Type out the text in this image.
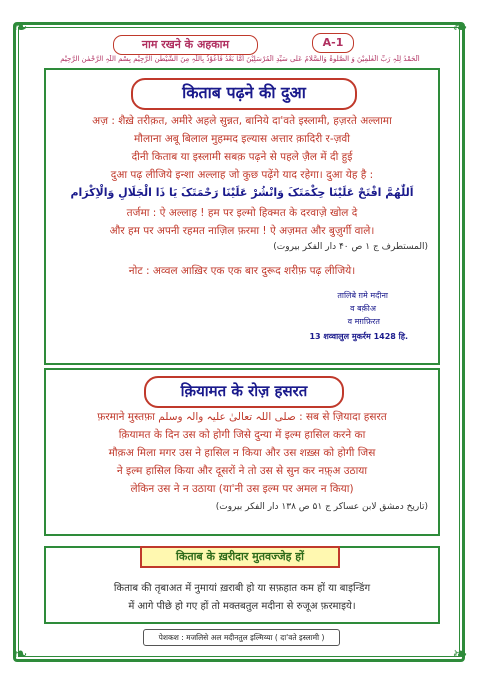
❧	❧
❧	❧
नाम रखने के अहकाम	A-1
اَلْحَمْدُ لِلّٰہِ رَبِّ الْعٰلَمِیْنَ وَ الصَّلٰوۃُ وَالسَّلَامُ عَلٰی سَیِّدِ الْمُرْسَلِیْنَ اَمَّا بَعْدُ فَاَعُوْذُ بِاللّٰہِ مِنَ الشَّیْطٰنِ الرَّجِیْمِ بِسْمِ اللّٰہِ الرَّحْمٰنِ الرَّحِیْمِ
किताब पढ़ने की दुआ
अज़ : शैख़े तरीक़त, अमीरे अहले सुन्नत, बानिये दा'वते इस्लामी, हज़रते अल्लामा
मौलाना अबू बिलाल मुहम्मद इल्यास अत्तार क़ादिरी र-ज़वी
दीनी किताब या इस्लामी सबक़ पढ़ने से पहले ज़ैल में दी हुई
दुआ पढ़ लीजिये इन्शा अल्लाह जो कुछ पढ़ेंगे याद रहेगा। दुआ येह है :
اَللّٰھُمَّ افْتَحْ عَلَیْنَا حِکْمَتَکَ وَانْشُرْ عَلَیْنَا رَحْمَتَکَ یَا ذَا الْجَلَالِ وَالْاِکْرَام
तर्जमा : ऐ अल्लाह ! हम पर इल्मो हिक्मत के दरवाज़े खोल दे
और हम पर अपनी रहमत नाज़िल फ़रमा ! ऐ अज़मत और बुज़ुर्गी वाले।
(المستطرف ج ۱ ص ۴۰ دار الفکر بیروت)
नोट : अव्वल आख़िर एक एक बार दुरूद शरीफ़ पढ़ लीजिये।
तालिबे ग़मे मदीना
व बक़ीअ
व मग़फ़िरत
13 शव्वालुल मुकर्रम 1428 हि.
क़ियामत के रोज़ हसरत
फ़रमाने मुस्तफ़ा صلی اللہ تعالیٰ علیہ والہ وسلم : सब से ज़ियादा हसरत
क़ियामत के दिन उस को होगी जिसे दुन्या में इल्म हासिल करने का
मौक़अ मिला मगर उस ने हासिल न किया और उस शख़्स को होगी जिस
ने इल्म हासिल किया और दूसरों ने तो उस से सुन कर नफ़्अ उठाया
लेकिन उस ने न उठाया (या'नी उस इल्म पर अमल न किया)
(تاریخ دمشق لابن عساکر ج ۵۱ ص ۱۳۸ دار الفکر بیروت)
किताब की तृबाअत में नुमायां ख़राबी हो या सफ़हात कम हों या बाइन्डिंग
में आगे पीछे हो गए हों तो मक्तबतुल मदीना से रुजूअ फ़रमाइये।
किताब के ख़रीदार मुतवज्जेह हों
पेशकश : मजलिसे अल मदीनतुल इल्मिय्या ( दा'वते इस्लामी )
